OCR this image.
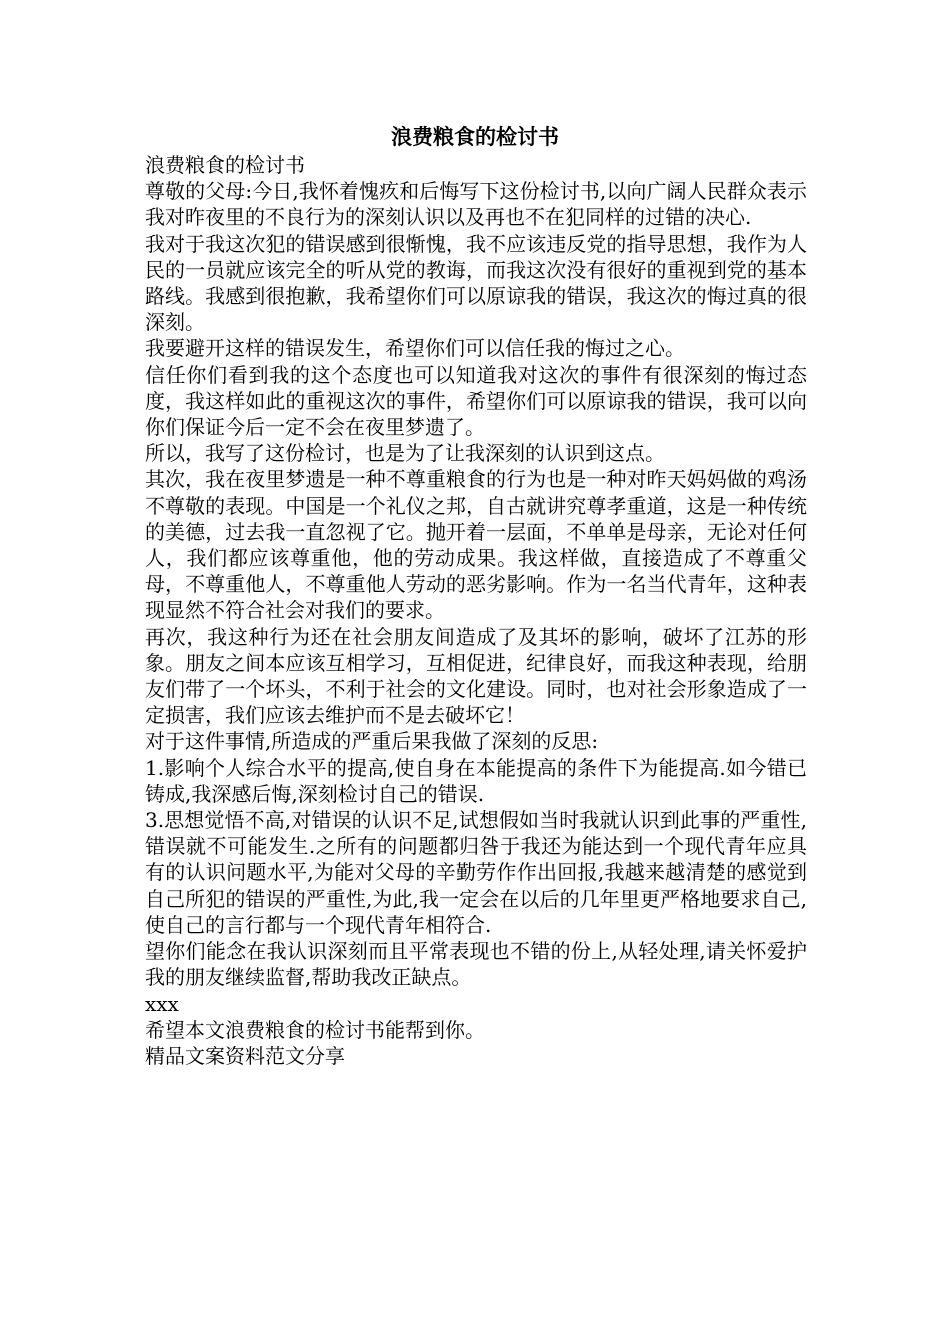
浪费粮食的检讨书

浪费粮食的检讨书

尊敬的父母:今日,我怀着愧疚和后悔写下这份检讨书,以向广阔人民群众表示我对昨夜里的不良行为的深刻认识以及再也不在犯同样的过错的决心.

我对于我这次犯的错误感到很惭愧，我不应该违反党的指导思想，我作为人民的一员就应该完全的听从党的教诲，而我这次没有很好的重视到党的基本路线。我感到很抱歉，我希望你们可以原谅我的错误，我这次的悔过真的很深刻。

我要避开这样的错误发生，希望你们可以信任我的悔过之心。

信任你们看到我的这个态度也可以知道我对这次的事件有很深刻的悔过态度，我这样如此的重视这次的事件，希望你们可以原谅我的错误，我可以向你们保证今后一定不会在夜里梦遗了。

所以，我写了这份检讨，也是为了让我深刻的认识到这点。

其次，我在夜里梦遗是一种不尊重粮食的行为也是一种对昨天妈妈做的鸡汤不尊敬的表现。中国是一个礼仪之邦，自古就讲究尊孝重道，这是一种传统的美德，过去我一直忽视了它。抛开着一层面，不单单是母亲，无论对任何人，我们都应该尊重他，他的劳动成果。我这样做，直接造成了不尊重父母，不尊重他人，不尊重他人劳动的恶劣影响。作为一名当代青年，这种表现显然不符合社会对我们的要求。

再次，我这种行为还在社会朋友间造成了及其坏的影响，破坏了江苏的形象。朋友之间本应该互相学习，互相促进，纪律良好，而我这种表现，给朋友们带了一个坏头，不利于社会的文化建设。同时，也对社会形象造成了一定损害，我们应该去维护而不是去破坏它！

对于这件事情,所造成的严重后果我做了深刻的反思:

1.影响个人综合水平的提高,使自身在本能提高的条件下为能提高.如今错已铸成,我深感后悔,深刻检讨自己的错误.

3.思想觉悟不高,对错误的认识不足,试想假如当时我就认识到此事的严重性,错误就不可能发生.之所有的问题都归咎于我还为能达到一个现代青年应具有的认识问题水平,为能对父母的辛勤劳作作出回报,我越来越清楚的感觉到自己所犯的错误的严重性,为此,我一定会在以后的几年里更严格地要求自己,使自己的言行都与一个现代青年相符合.

望你们能念在我认识深刻而且平常表现也不错的份上,从轻处理,请关怀爱护我的朋友继续监督,帮助我改正缺点。

xxx

希望本文浪费粮食的检讨书能帮到你。

精品文案资料范文分享
